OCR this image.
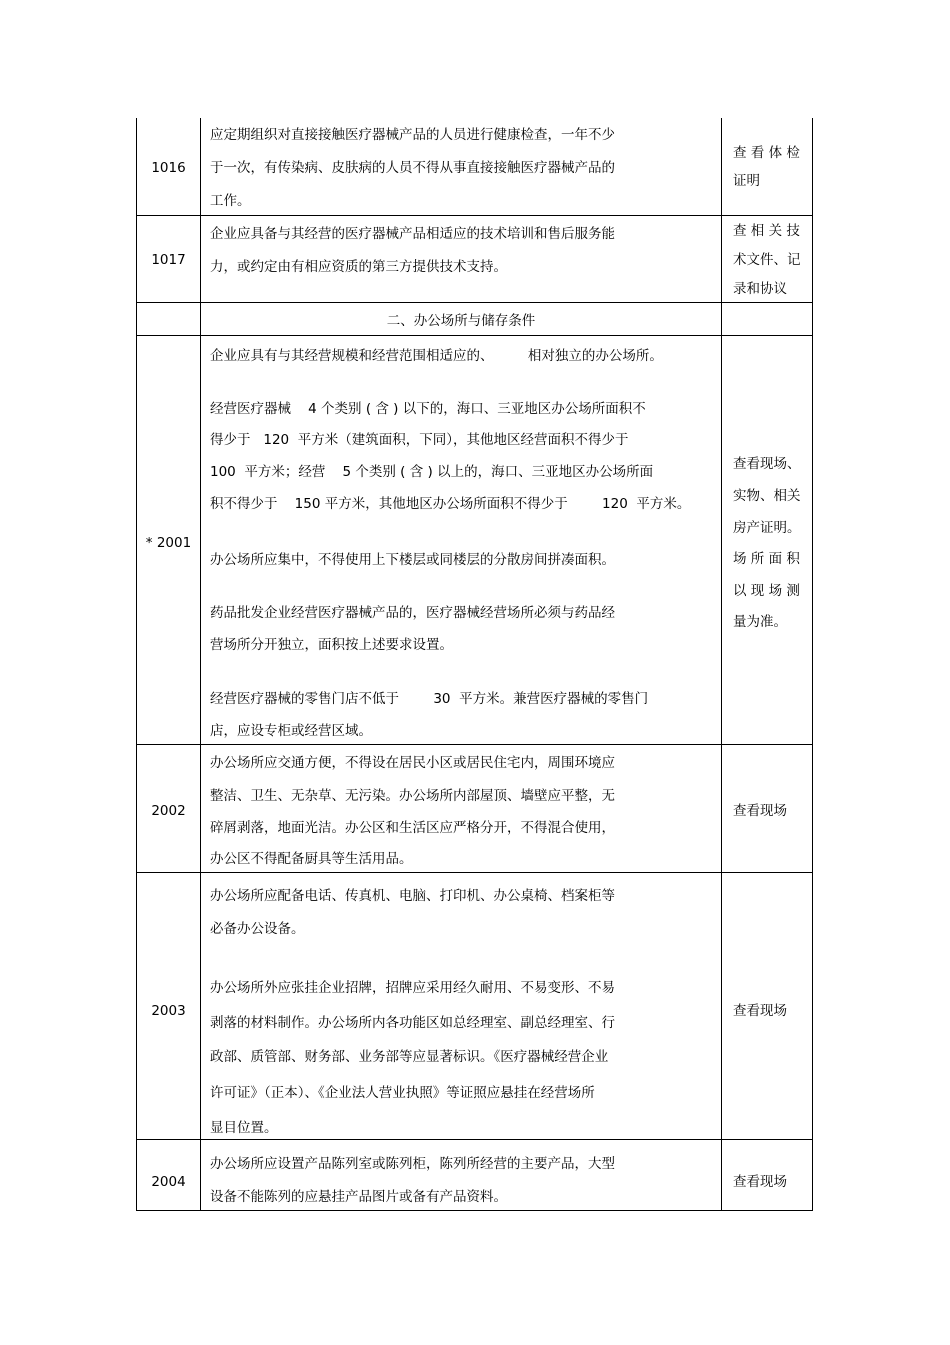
1016
应定期组织对直接接触医疗器械产品的人员进行健康检查，一年不少
于一次，有传染病、皮肤病的人员不得从事直接接触医疗器械产品的
工作。
查 看 体 检
证明
1017
企业应具备与其经营的医疗器械产品相适应的技术培训和售后服务能
力，或约定由有相应资质的第三方提供技术支持。
查 相 关 技
术文件、记
录和协议
二、办公场所与储存条件
* 2001
企业应具有与其经营规模和经营范围相适应的、        相对独立的办公场所。
经营医疗器械    4 个类别 ( 含 ) 以下的，海口、三亚地区办公场所面积不
得少于   120  平方米（建筑面积，下同），其他地区经营面积不得少于
100  平方米；经营    5 个类别 ( 含 ) 以上的，海口、三亚地区办公场所面
积不得少于    150 平方米，其他地区办公场所面积不得少于        120  平方米。
办公场所应集中，不得使用上下楼层或同楼层的分散房间拼凑面积。
药品批发企业经营医疗器械产品的，医疗器械经营场所必须与药品经
营场所分开独立，面积按上述要求设置。
经营医疗器械的零售门店不低于        30  平方米。兼营医疗器械的零售门
店，应设专柜或经营区域。
查看现场、
实物、相关
房产证明。
场 所 面 积
以 现 场 测
量为准。
2002
办公场所应交通方便，不得设在居民小区或居民住宅内，周围环境应
整洁、卫生、无杂草、无污染。办公场所内部屋顶、墙壁应平整，无
碎屑剥落，地面光洁。办公区和生活区应严格分开，不得混合使用，
办公区不得配备厨具等生活用品。
查看现场
2003
办公场所应配备电话、传真机、电脑、打印机、办公桌椅、档案柜等
必备办公设备。
办公场所外应张挂企业招牌，招牌应采用经久耐用、不易变形、不易
剥落的材料制作。办公场所内各功能区如总经理室、副总经理室、行
政部、质管部、财务部、业务部等应显著标识。《医疗器械经营企业
许可证》（正本）、《企业法人营业执照》等证照应悬挂在经营场所
显目位置。
查看现场
2004
办公场所应设置产品陈列室或陈列柜，陈列所经营的主要产品，大型
设备不能陈列的应悬挂产品图片或备有产品资料。
查看现场
